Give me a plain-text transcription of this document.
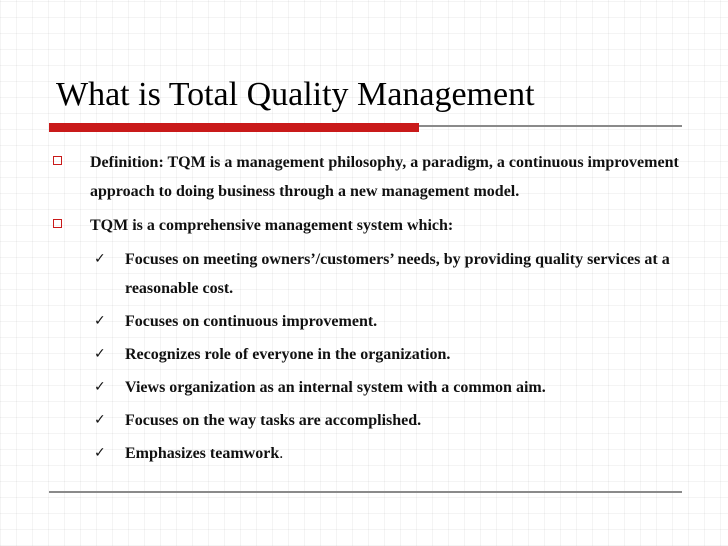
What is Total Quality Management
Definition: TQM is a management philosophy, a paradigm, a continuous improvement approach to doing business through a new management model.
TQM is a comprehensive management system which:
✓ Focuses on meeting owners’/customers’ needs, by providing quality services at a reasonable cost.
✓ Focuses on continuous improvement.
✓ Recognizes role of everyone in the organization.
✓ Views organization as an internal system with a common aim.
✓ Focuses on the way tasks are accomplished.
✓ Emphasizes teamwork.
